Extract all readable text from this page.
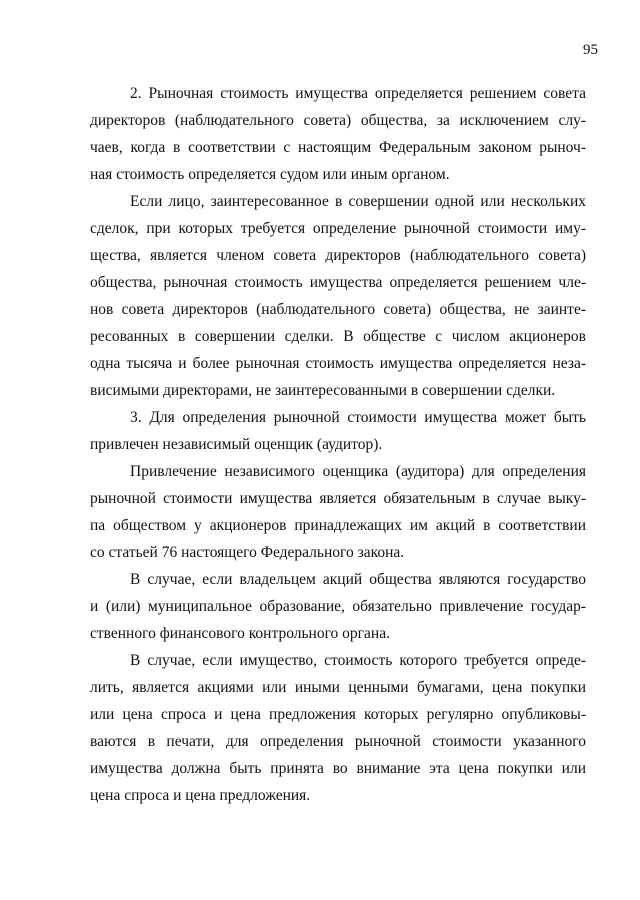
95
2. Рыночная стоимость имущества определяется решением совета
директоров (наблюдательного совета) общества, за исключением слу-
чаев, когда в соответствии с настоящим Федеральным законом рыноч-
ная стоимость определяется судом или иным органом.
Если лицо, заинтересованное в совершении одной или нескольких
сделок, при которых требуется определение рыночной стоимости иму-
щества, является членом совета директоров (наблюдательного совета)
общества, рыночная стоимость имущества определяется решением чле-
нов совета директоров (наблюдательного совета) общества, не заинте-
ресованных в совершении сделки. В обществе с числом акционеров
одна тысяча и более рыночная стоимость имущества определяется неза-
висимыми директорами, не заинтересованными в совершении сделки.
3. Для определения рыночной стоимости имущества может быть
привлечен независимый оценщик (аудитор).
Привлечение независимого оценщика (аудитора) для определения
рыночной стоимости имущества является обязательным в случае выку-
па обществом у акционеров принадлежащих им акций в соответствии
со статьей 76 настоящего Федерального закона.
В случае, если владельцем акций общества являются государство
и (или) муниципальное образование, обязательно привлечение государ-
ственного финансового контрольного органа.
В случае, если имущество, стоимость которого требуется опреде-
лить, является акциями или иными ценными бумагами, цена покупки
или цена спроса и цена предложения которых регулярно опубликовы-
ваются в печати, для определения рыночной стоимости указанного
имущества должна быть принята во внимание эта цена покупки или
цена спроса и цена предложения.
